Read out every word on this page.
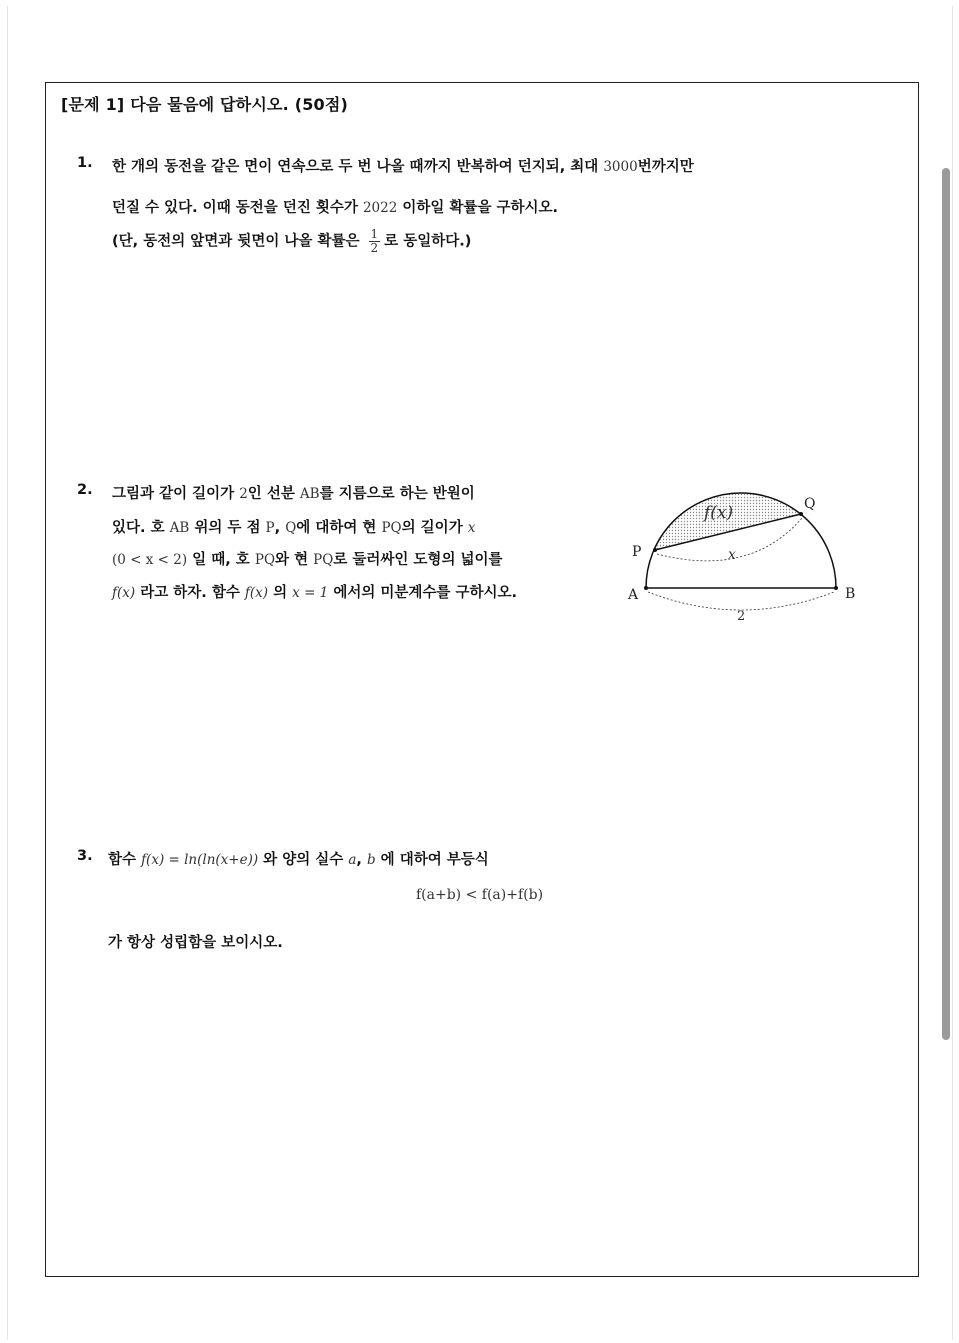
[문제 1] 다음 물음에 답하시오. (50점)
1. 한 개의 동전을 같은 면이 연속으로 두 번 나올 때까지 반복하여 던지되, 최대 3000번까지만
던질 수 있다. 이때 동전을 던진 횟수가 2022 이하일 확률을 구하시오.
(단, 동전의 앞면과 뒷면이 나올 확률은 $\frac{1}{2}$ 로 동일하다.)
2. 그림과 같이 길이가 2인 선분 AB를 지름으로 하는 반원이
있다. 호 AB 위의 두 점 P, Q에 대하여 현 PQ의 길이가 x
(0 < x < 2) 일 때, 호 PQ와 현 PQ로 둘러싸인 도형의 넓이를
f(x) 라고 하자. 함수 f(x) 의 x = 1 에서의 미분계수를 구하시오.
f(x)
x
P
Q
A	B
2
3. 함수 f(x) = ln(ln(x+e)) 와 양의 실수 a, b 에 대하여 부등식
f(a+b) < f(a)+f(b)
가 항상 성립함을 보이시오.
